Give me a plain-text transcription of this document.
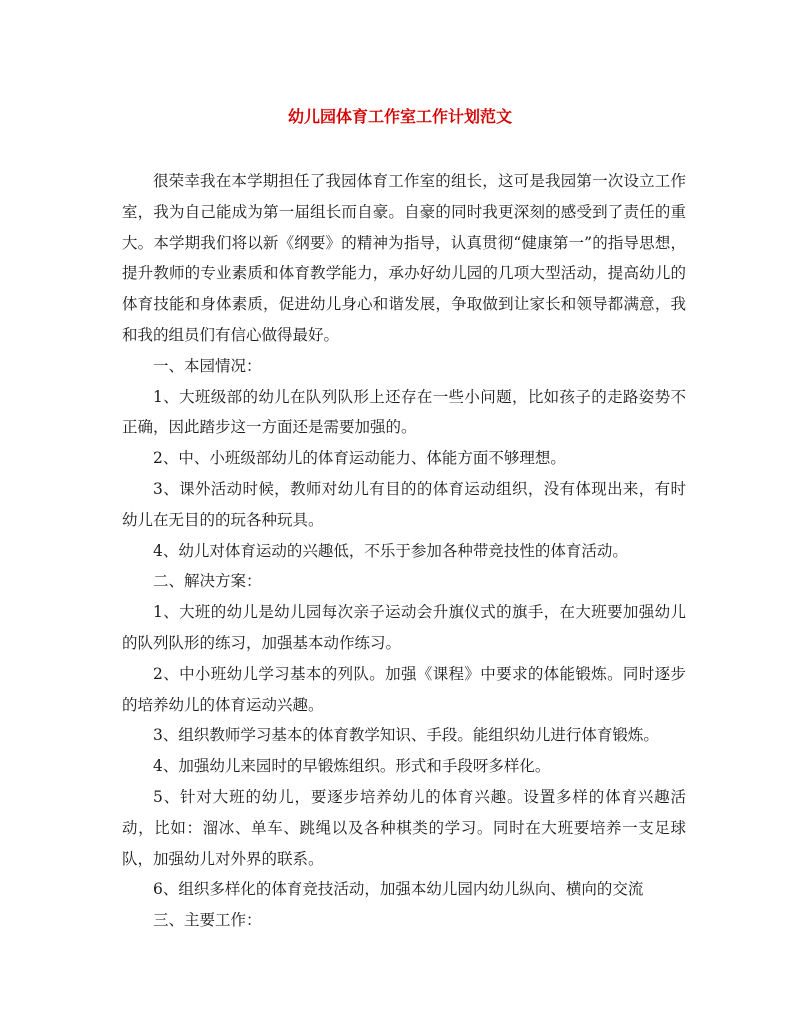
幼儿园体育工作室工作计划范文

很荣幸我在本学期担任了我园体育工作室的组长，这可是我园第一次设立工作室，我为自己能成为第一届组长而自豪。自豪的同时我更深刻的感受到了责任的重大。本学期我们将以新《纲要》的精神为指导，认真贯彻“健康第一”的指导思想，提升教师的专业素质和体育教学能力，承办好幼儿园的几项大型活动，提高幼儿的体育技能和身体素质，促进幼儿身心和谐发展，争取做到让家长和领导都满意，我和我的组员们有信心做得最好。

一、本园情况：

1、大班级部的幼儿在队列队形上还存在一些小问题，比如孩子的走路姿势不正确，因此踏步这一方面还是需要加强的。

2、中、小班级部幼儿的体育运动能力、体能方面不够理想。

3、课外活动时候，教师对幼儿有目的的体育运动组织，没有体现出来，有时幼儿在无目的的玩各种玩具。

4、幼儿对体育运动的兴趣低，不乐于参加各种带竞技性的体育活动。

二、解决方案：

1、大班的幼儿是幼儿园每次亲子运动会升旗仪式的旗手，在大班要加强幼儿的队列队形的练习，加强基本动作练习。

2、中小班幼儿学习基本的列队。加强《课程》中要求的体能锻炼。同时逐步的培养幼儿的体育运动兴趣。

3、组织教师学习基本的体育教学知识、手段。能组织幼儿进行体育锻炼。

4、加强幼儿来园时的早锻炼组织。形式和手段呀多样化。

5、针对大班的幼儿，要逐步培养幼儿的体育兴趣。设置多样的体育兴趣活动，比如：溜冰、单车、跳绳以及各种棋类的学习。同时在大班要培养一支足球队，加强幼儿对外界的联系。

6、组织多样化的体育竞技活动，加强本幼儿园内幼儿纵向、横向的交流

三、主要工作：
